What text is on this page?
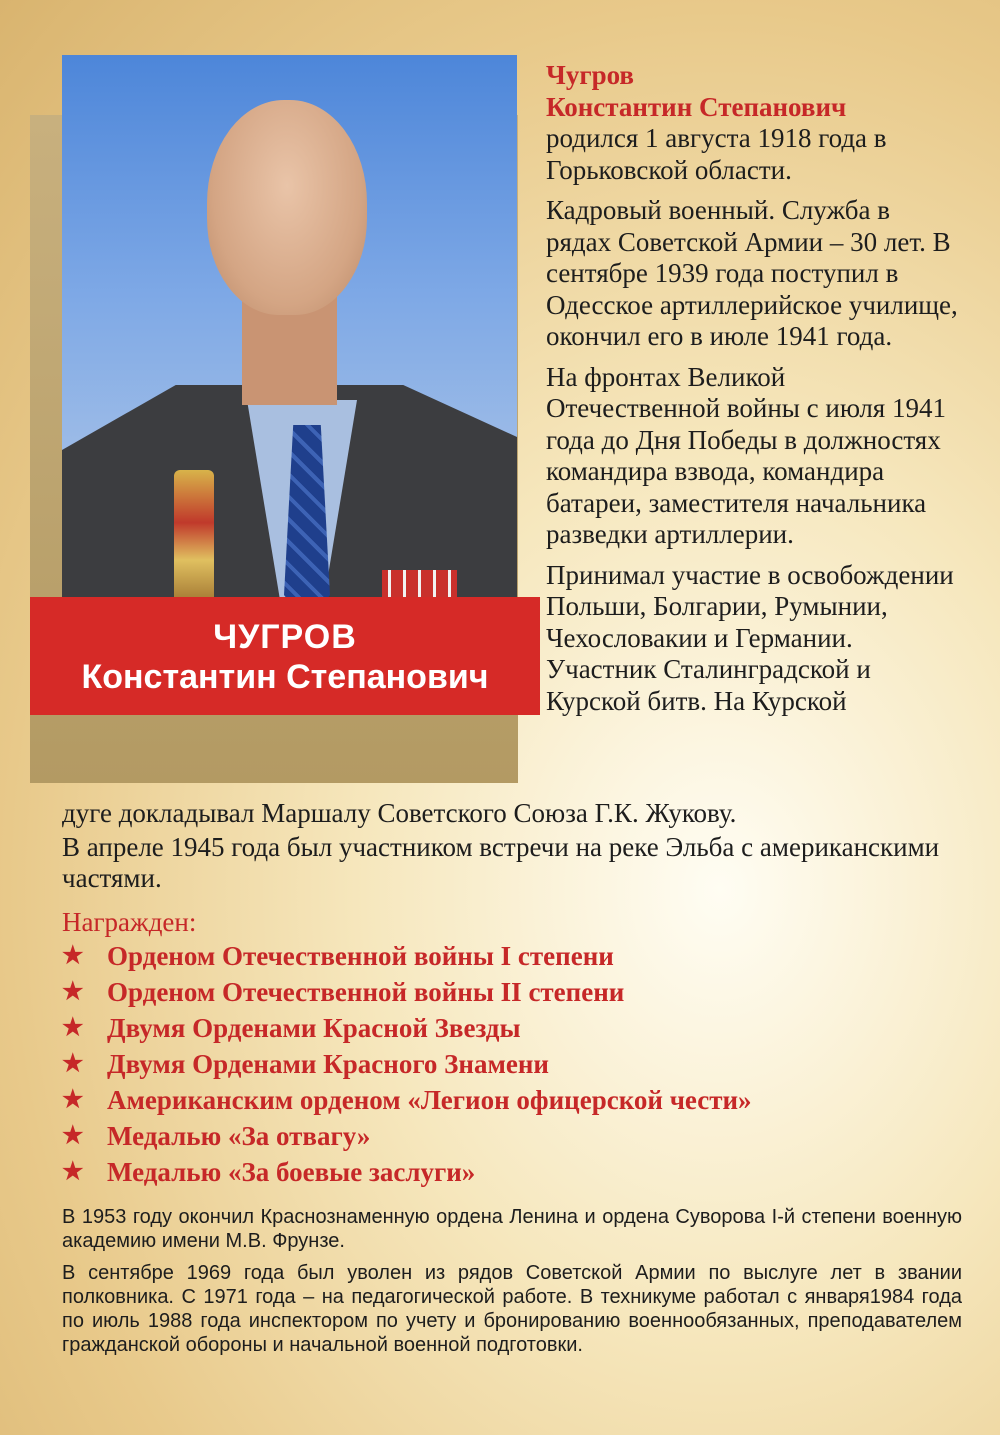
ЧУГРОВ
Константин Степанович

Чугров
Константин Степанович
родился 1 августа 1918 года в Горьковской области.

Кадровый военный. Служба в рядах Советской Армии – 30 лет. В сентябре 1939 года поступил в Одесское артиллерийское училище, окончил его в июле 1941 года.

На фронтах Великой Отечественной войны с июля 1941 года до Дня Победы в должностях командира взвода, командира батареи, заместителя начальника разведки артиллерии.

Принимал участие в освобождении Польши, Болгарии, Румынии, Чехословакии и Германии. Участник Сталинградской и Курской битв. На Курской

дуге докладывал Маршалу Советского Союза Г.К. Жукову.

В апреле 1945 года был участником встречи на реке Эльба с американскими частями.

Награжден:
★ Орденом Отечественной войны I степени
★ Орденом Отечественной войны II степени
★ Двумя Орденами Красной Звезды
★ Двумя Орденами Красного Знамени
★ Американским орденом «Легион офицерской чести»
★ Медалью «За отвагу»
★ Медалью «За боевые заслуги»

В 1953 году окончил Краснознаменную ордена Ленина и ордена Суворова I-й степени военную академию имени М.В. Фрунзе.

В сентябре 1969 года был уволен из рядов Советской Армии по выслуге лет в звании полковника. С 1971 года – на педагогической работе. В техникуме работал с января1984 года по июль 1988 года инспектором по учету и бронированию военнообязанных, преподавателем гражданской обороны и начальной военной подготовки.
